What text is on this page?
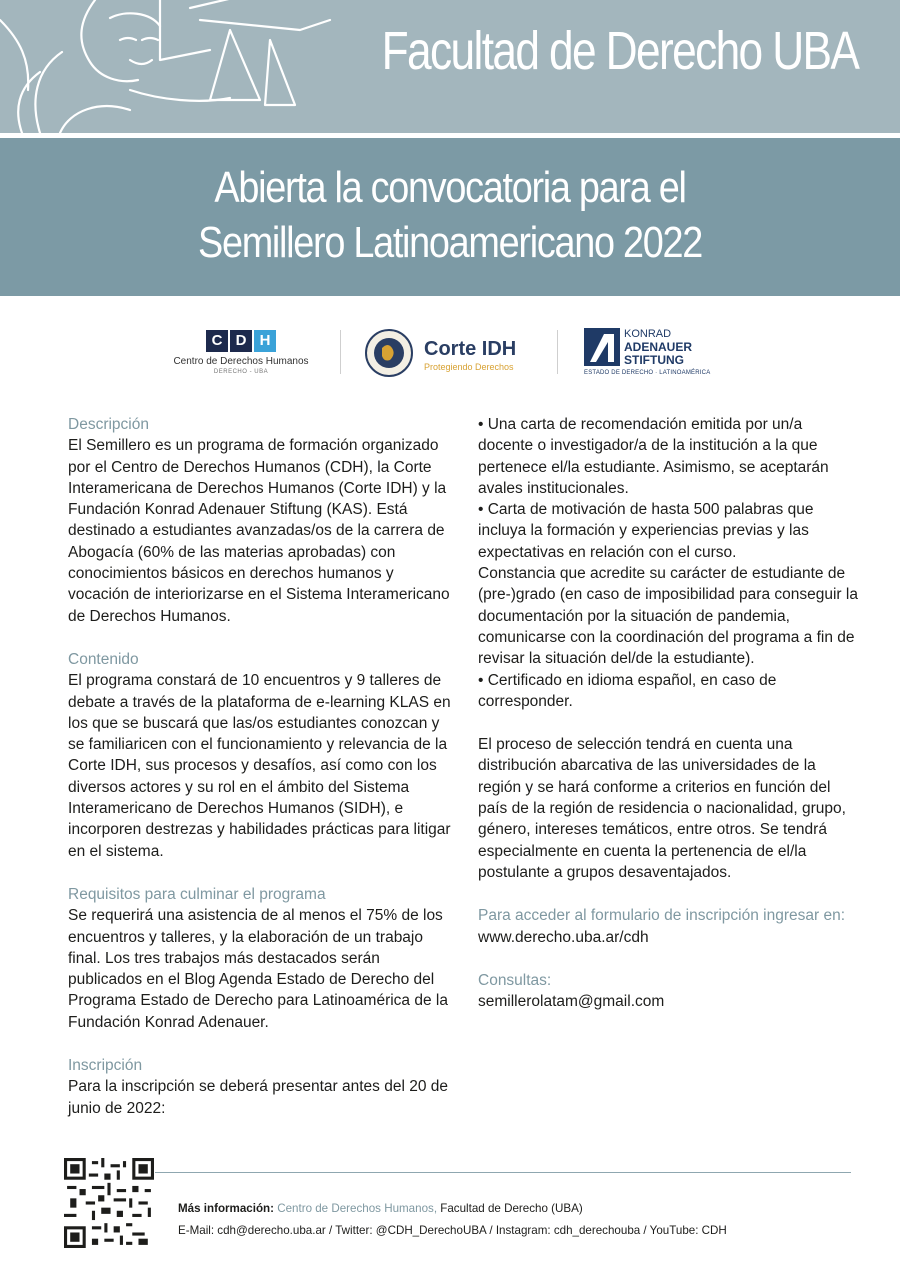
Facultad de Derecho UBA
Abierta la convocatoria para el
Semillero Latinoamericano 2022
C D H
Centro de Derechos Humanos
DERECHO - UBA
Corte IDH
Protegiendo Derechos
KONRAD
ADENAUER
STIFTUNG
ESTADO DE DERECHO · LATINOAMÉRICA

Descripción

El Semillero es un programa de formación organizado por el Centro de Derechos Humanos (CDH), la Corte Interamericana de Derechos Humanos (Corte IDH) y la Fundación Konrad Adenauer Stiftung (KAS). Está destinado a estudiantes avanzadas/os de la carrera de Abogacía (60% de las materias aprobadas) con conocimientos básicos en derechos humanos y vocación de interiorizarse en el Sistema Interamericano de Derechos Humanos.

Contenido

El programa constará de 10 encuentros y 9 talleres de debate a través de la plataforma de e-learning KLAS en los que se buscará que las/os estudiantes conozcan y se familiaricen con el funcionamiento y relevancia de la Corte IDH, sus procesos y desafíos, así como con los diversos actores y su rol en el ámbito del Sistema Interamericano de Derechos Humanos (SIDH), e incorporen destrezas y habilidades prácticas para litigar en el sistema.

Requisitos para culminar el programa

Se requerirá una asistencia de al menos el 75% de los encuentros y talleres, y la elaboración de un trabajo final. Los tres trabajos más destacados serán publicados en el Blog Agenda Estado de Derecho del Programa Estado de Derecho para Latinoamérica de la Fundación Konrad Adenauer.

Inscripción

Para la inscripción se deberá presentar antes del 20 de junio de 2022:

• Una carta de recomendación emitida por un/a docente o investigador/a de la institución a la que pertenece el/la estudiante. Asimismo, se aceptarán avales institucionales.

• Carta de motivación de hasta 500 palabras que incluya la formación y experiencias previas y las expectativas en relación con el curso.

Constancia que acredite su carácter de estudiante de (pre-)grado (en caso de imposibilidad para conseguir la documentación por la situación de pandemia, comunicarse con la coordinación del programa a fin de revisar la situación del/de la estudiante).

• Certificado en idioma español, en caso de corresponder.

El proceso de selección tendrá en cuenta una distribución abarcativa de las universidades de la región y se hará conforme a criterios en función del país de la región de residencia o nacionalidad, grupo, género, intereses temáticos, entre otros. Se tendrá especialmente en cuenta la pertenencia de el/la postulante a grupos desaventajados.

Para acceder al formulario de inscripción ingresar en:

www.derecho.uba.ar/cdh

Consultas:

semillerolatam@gmail.com

Más información: Centro de Derechos Humanos, Facultad de Derecho (UBA)
E-Mail: cdh@derecho.uba.ar / Twitter: @CDH_DerechoUBA / Instagram: cdh_derechouba / YouTube: CDH
